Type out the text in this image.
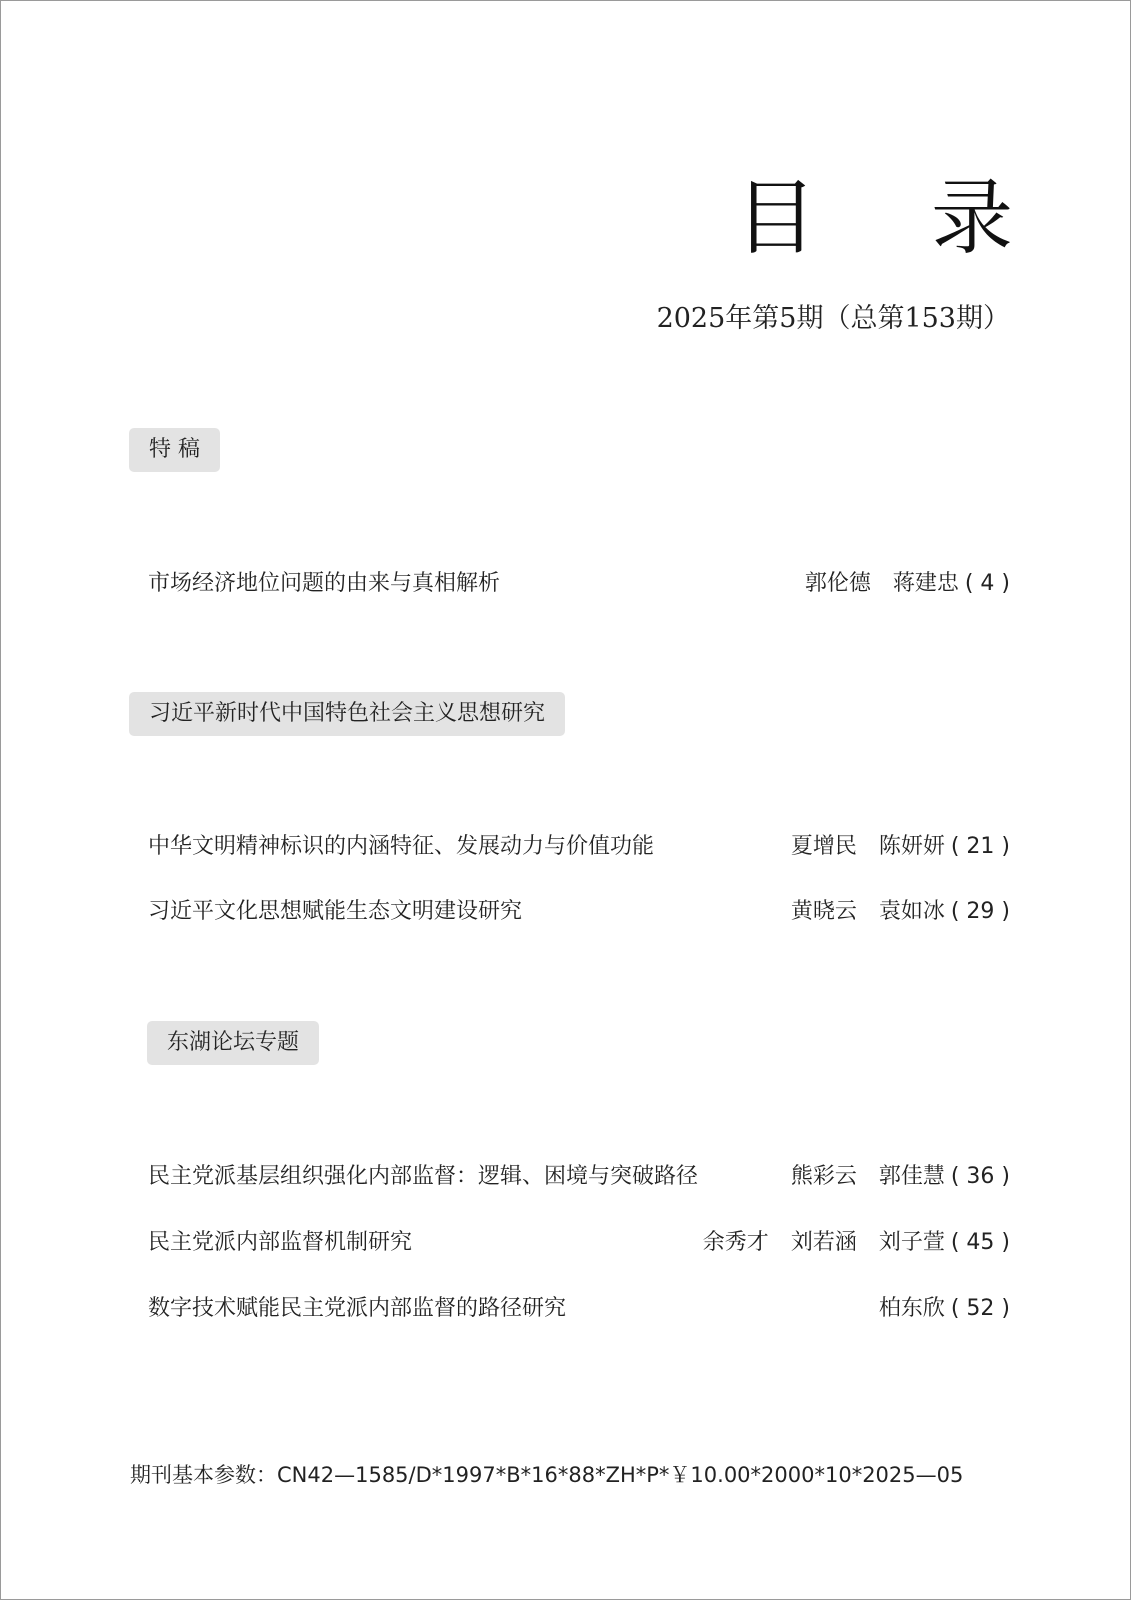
目 录
2025年第5期（总第153期）
特 稿
市场经济地位问题的由来与真相解析	郭伦德 蒋建忠 ( 4 )
习近平新时代中国特色社会主义思想研究
中华文明精神标识的内涵特征、发展动力与价值功能	夏增民 陈妍妍 ( 21 )
习近平文化思想赋能生态文明建设研究	黄晓云 袁如冰 ( 29 )
东湖论坛专题
民主党派基层组织强化内部监督：逻辑、困境与突破路径	熊彩云 郭佳慧 ( 36 )
民主党派内部监督机制研究	余秀才 刘若涵 刘子萱 ( 45 )
数字技术赋能民主党派内部监督的路径研究	柏东欣 ( 52 )
期刊基本参数：CN42—1585/D*1997*B*16*88*ZH*P*￥10.00*2000*10*2025—05
